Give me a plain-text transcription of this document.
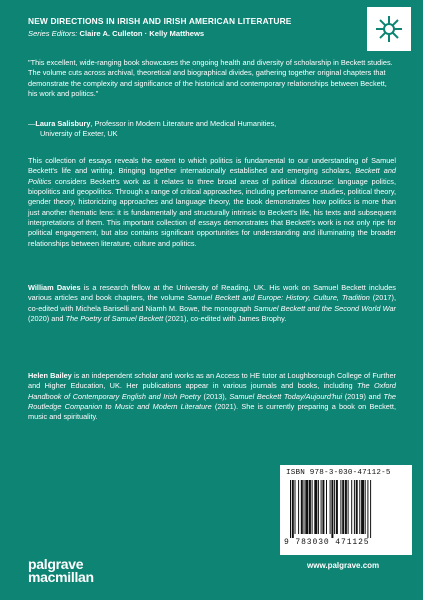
NEW DIRECTIONS IN IRISH AND IRISH AMERICAN LITERATURE
Series Editors: Claire A. Culleton · Kelly Matthews
"This excellent, wide-ranging book showcases the ongoing health and diversity of scholarship in Beckett studies. The volume cuts across archival, theoretical and biographical divides, gathering together original chapters that demonstrate the complexity and significance of the historical and contemporary relationships between Beckett, his work and politics."
—Laura Salisbury, Professor in Modern Literature and Medical Humanities,
University of Exeter, UK
This collection of essays reveals the extent to which politics is fundamental to our understanding of Samuel Beckett's life and writing. Bringing together internationally established and emerging scholars, Beckett and Politics considers Beckett's work as it relates to three broad areas of political discourse: language politics, biopolitics and geopolitics. Through a range of critical approaches, including performance studies, political theory, gender theory, historicizing approaches and language theory, the book demonstrates how politics is more than just another thematic lens: it is fundamentally and structurally intrinsic to Beckett's life, his texts and subsequent interpretations of them. This important collection of essays demonstrates that Beckett's work is not only ripe for political engagement, but also contains significant opportunities for understanding and illuminating the broader relationships between literature, culture and politics.
William Davies is a research fellow at the University of Reading, UK. His work on Samuel Beckett includes various articles and book chapters, the volume Samuel Beckett and Europe: History, Culture, Tradition (2017), co-edited with Michela Bariselli and Niamh M. Bowe, the monograph Samuel Beckett and the Second World War (2020) and The Poetry of Samuel Beckett (2021), co-edited with James Brophy.
Helen Bailey is an independent scholar and works as an Access to HE tutor at Loughborough College of Further and Higher Education, UK. Her publications appear in various journals and books, including The Oxford Handbook of Contemporary English and Irish Poetry (2013), Samuel Beckett Today/Aujourd'hui (2019) and The Routledge Companion to Music and Modern Literature (2021). She is currently preparing a book on Beckett, music and spirituality.
ISBN 978-3-030-47112-5
9 783030 471125
palgrave
macmillan
www.palgrave.com
